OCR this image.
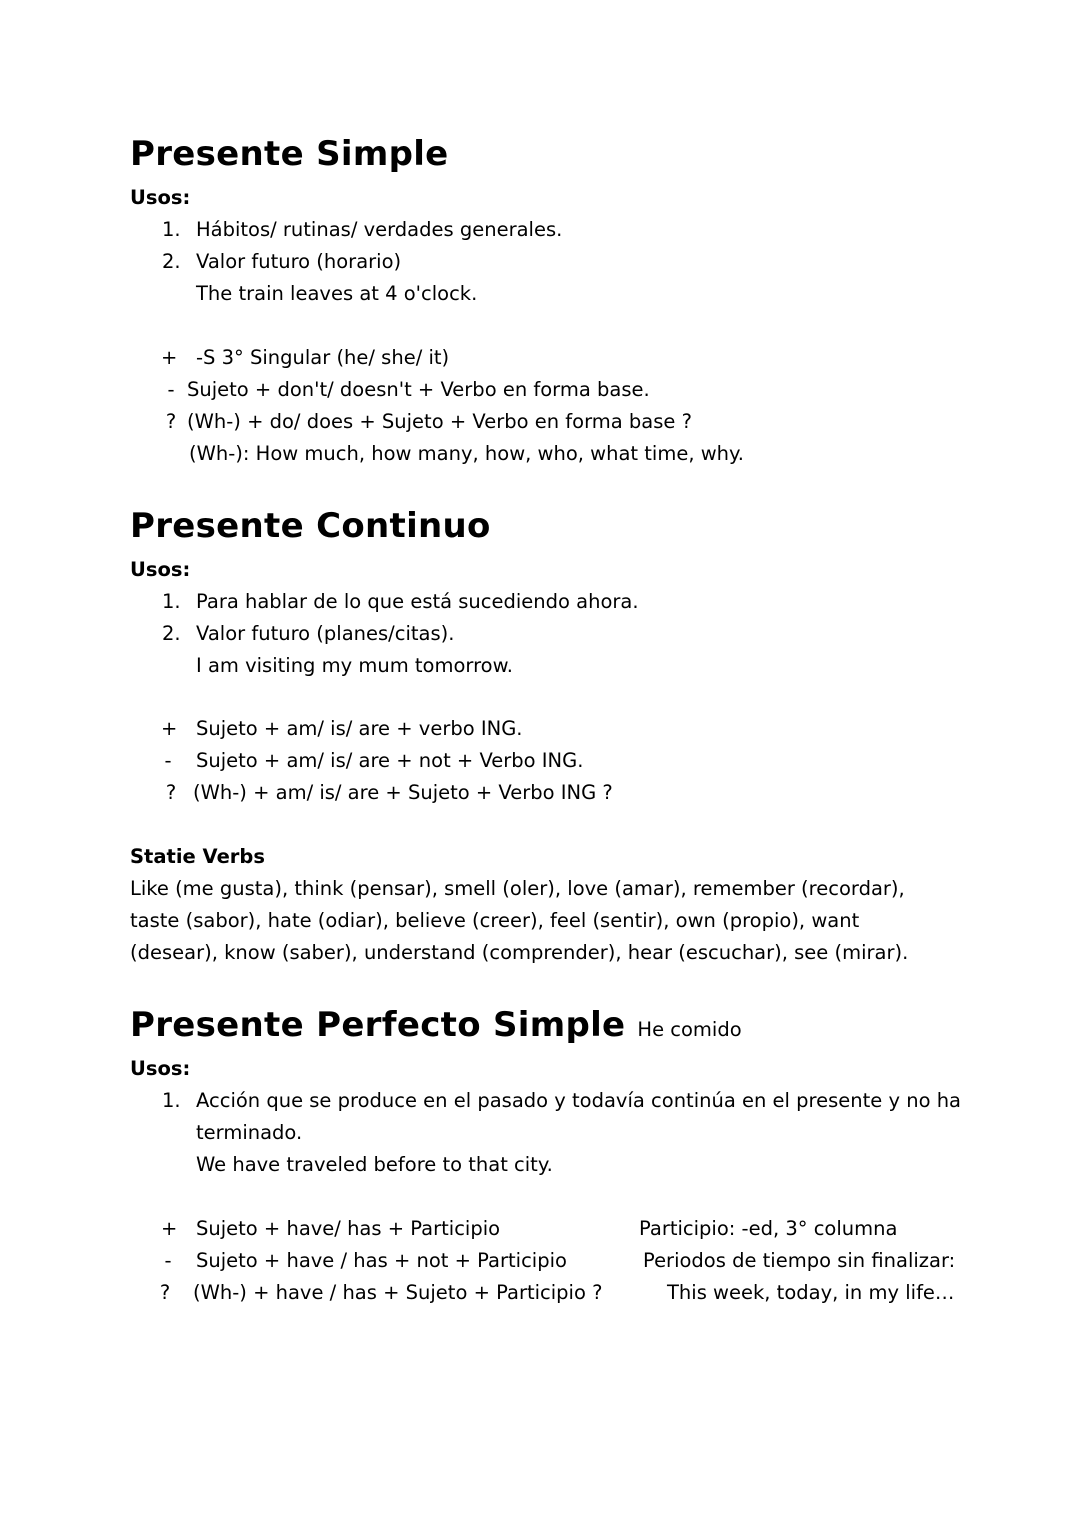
Presente Simple
Usos:
1. Hábitos/ rutinas/ verdades generales.
2. Valor futuro (horario)
The train leaves at 4 o'clock.
+ -S 3° Singular (he/ she/ it)
- Sujeto + don't/ doesn't + Verbo en forma base.
? (Wh-) + do/ does + Sujeto + Verbo en forma base ?
(Wh-): How much, how many, how, who, what time, why.
Presente Continuo
Usos:
1. Para hablar de lo que está sucediendo ahora.
2. Valor futuro (planes/citas).
I am visiting my mum tomorrow.
+ Sujeto + am/ is/ are + verbo ING.
- Sujeto + am/ is/ are + not + Verbo ING.
? (Wh-) + am/ is/ are + Sujeto + Verbo ING ?
Statie Verbs
Like (me gusta), think (pensar), smell (oler), love (amar), remember (recordar), taste (sabor), hate (odiar), believe (creer), feel (sentir), own (propio), want (desear), know (saber), understand (comprender), hear (escuchar), see (mirar).
Presente Perfecto Simple He comido
Usos:
1. Acción que se produce en el pasado y todavía continúa en el presente y no ha
terminado.
We have traveled before to that city.
+ Sujeto + have/ has + Participio
- Sujeto + have / has + not + Participio
? (Wh-) + have / has + Sujeto + Participio ?
Participio: -ed, 3° columna
Periodos de tiempo sin finalizar:
This week, today, in my life…
